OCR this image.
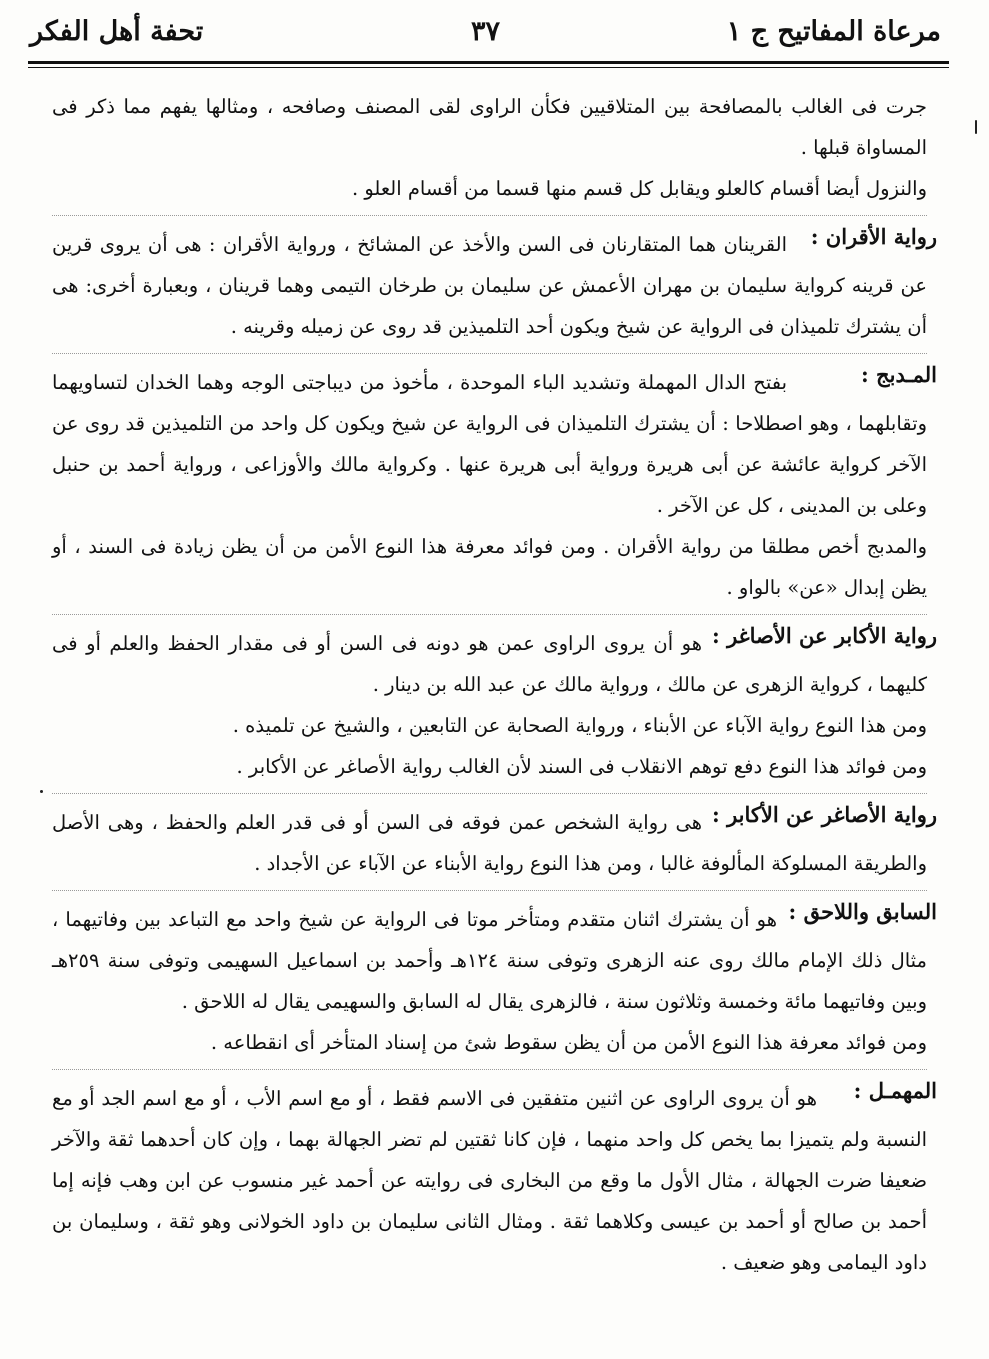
مرعاة المفاتيح ج ١
٣٧
تحفة أهل الفكر

جرت فى الغالب بالمصافحة بين المتلاقيين فكأن الراوى لقى المصنف وصافحه ، ومثالها يفهم مما ذكر فى المساواة قبلها .

والنزول أيضا أقسام كالعلو ويقابل كل قسم منها قسما من أقسام العلو .

رواية الأقران :

القرينان هما المتقارنان فى السن والأخذ عن المشائخ ، ورواية الأقران : هى أن يروى قرين عن قرينه كرواية سليمان بن مهران الأعمش عن سليمان بن طرخان التيمى وهما قرينان ، وبعبارة أخرى: هى أن يشترك تلميذان فى الرواية عن شيخ ويكون أحد التلميذين قد روى عن زميله وقرينه .

المـدبج :

بفتح الدال المهملة وتشديد الباء الموحدة ، مأخوذ من ديباجتى الوجه وهما الخدان لتساويهما وتقابلهما ، وهو اصطلاحا : أن يشترك التلميذان فى الرواية عن شيخ ويكون كل واحد من التلميذين قد روى عن الآخر كرواية عائشة عن أبى هريرة ورواية أبى هريرة عنها . وكرواية مالك والأوزاعى ، ورواية أحمد بن حنبل وعلى بن المدينى ، كل عن الآخر .

والمدبج أخص مطلقا من رواية الأقران . ومن فوائد معرفة هذا النوع الأمن من أن يظن زيادة فى السند ، أو يظن إبدال «عن» بالواو .

رواية الأكابر عن الأصاغر :

هو أن يروى الراوى عمن هو دونه فى السن أو فى مقدار الحفظ والعلم أو فى كليهما ، كرواية الزهرى عن مالك ، ورواية مالك عن عبد الله بن دينار .

ومن هذا النوع رواية الآباء عن الأبناء ، ورواية الصحابة عن التابعين ، والشيخ عن تلميذه .

ومن فوائد هذا النوع دفع توهم الانقلاب فى السند لأن الغالب رواية الأصاغر عن الأكابر .

رواية الأصاغر عن الأكابر :

هى رواية الشخص عمن فوقه فى السن أو فى قدر العلم والحفظ ، وهى الأصل والطريقة المسلوكة المألوفة غالبا ، ومن هذا النوع رواية الأبناء عن الآباء عن الأجداد .

السابق واللاحق :

هو أن يشترك اثنان متقدم ومتأخر موتا فى الرواية عن شيخ واحد مع التباعد بين وفاتيهما ، مثال ذلك الإمام مالك روى عنه الزهرى وتوفى سنة ١٢٤هـ وأحمد بن اسماعيل السهيمى وتوفى سنة ٢٥٩هـ وبين وفاتيهما مائة وخمسة وثلاثون سنة ، فالزهرى يقال له السابق والسهيمى يقال له اللاحق .

ومن فوائد معرفة هذا النوع الأمن من أن يظن سقوط شئ من إسناد المتأخر أى انقطاعه .

المهمـل :

هو أن يروى الراوى عن اثنين متفقين فى الاسم فقط ، أو مع اسم الأب ، أو مع اسم الجد أو مع النسبة ولم يتميزا بما يخص كل واحد منهما ، فإن كانا ثقتين لم تضر الجهالة بهما ، وإن كان أحدهما ثقة والآخر ضعيفا ضرت الجهالة ، مثال الأول ما وقع من البخارى فى روايته عن أحمد غير منسوب عن ابن وهب فإنه إما أحمد بن صالح أو أحمد بن عيسى وكلاهما ثقة . ومثال الثانى سليمان بن داود الخولانى وهو ثقة ، وسليمان بن داود اليمامى وهو ضعيف .
